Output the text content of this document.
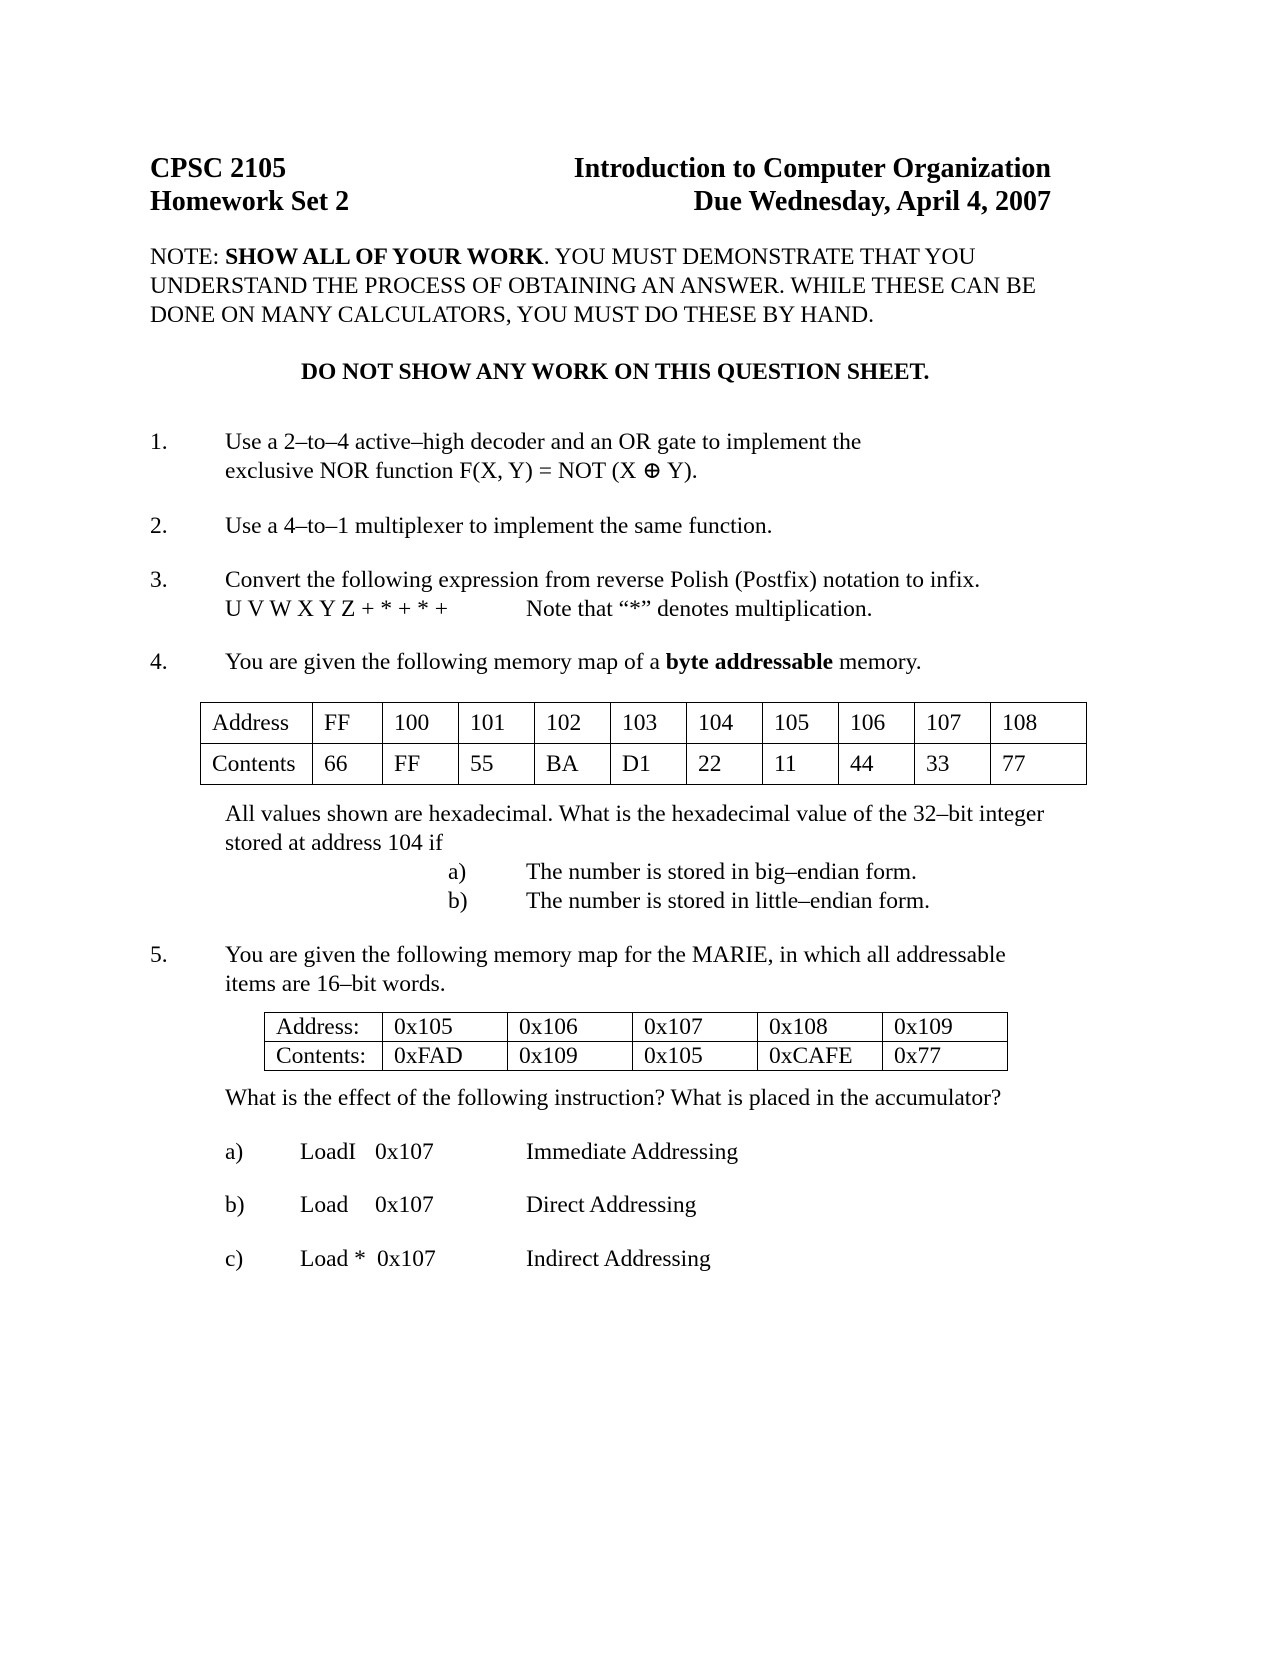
CPSC 2105
Homework Set 2
Introduction to Computer Organization
Due Wednesday, April 4, 2007
NOTE: SHOW ALL OF YOUR WORK. YOU MUST DEMONSTRATE THAT YOU
UNDERSTAND THE PROCESS OF OBTAINING AN ANSWER. WHILE THESE CAN BE
DONE ON MANY CALCULATORS, YOU MUST DO THESE BY HAND.
DO NOT SHOW ANY WORK ON THIS QUESTION SHEET.
1. Use a 2–to–4 active–high decoder and an OR gate to implement the
exclusive NOR function F(X, Y) = NOT (X ⊕ Y).
2. Use a 4–to–1 multiplexer to implement the same function.
3. Convert the following expression from reverse Polish (Postfix) notation to infix.
U V W X Y Z + * + * +	Note that “*” denotes multiplication.
4. You are given the following memory map of a byte addressable memory.
Address	FF	100	101	102	103	104	105	106	107	108
Contents	66	FF	55	BA	D1	22	11	44	33	77
All values shown are hexadecimal. What is the hexadecimal value of the 32–bit integer
stored at address 104 if
a)	The number is stored in big–endian form.
b) The number is stored in little–endian form.
5. You are given the following memory map for the MARIE, in which all addressable
items are 16–bit words.
Address:	0x105	0x106	0x107	0x108	0x109
Contents:	0xFAD	0x109	0x105	0xCAFE	0x77
What is the effect of the following instruction? What is placed in the accumulator?
a) LoadI 0x107	Immediate Addressing
b) Load 0x107	Direct Addressing
c) Load * 0x107	Indirect Addressing
